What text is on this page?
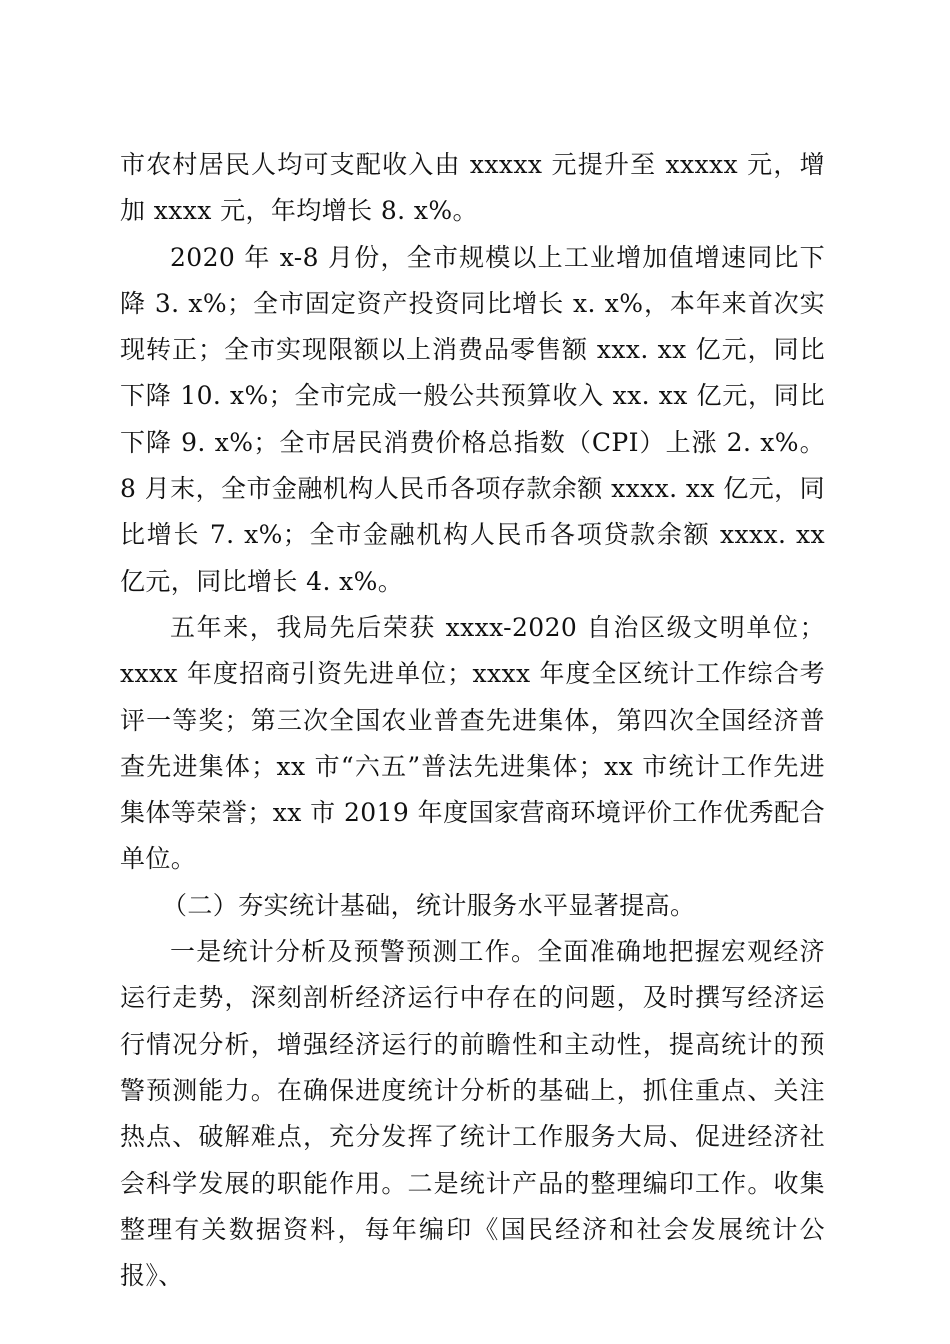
市农村居民人均可支配收入由 xxxxx 元提升至 xxxxx 元，增加 xxxx 元，年均增长 8. x%。

2020 年 x-8 月份，全市规模以上工业增加值增速同比下降 3. x%；全市固定资产投资同比增长 x. x%，本年来首次实现转正；全市实现限额以上消费品零售额 xxx. xx 亿元，同比下降 10. x%；全市完成一般公共预算收入 xx. xx 亿元，同比下降 9. x%；全市居民消费价格总指数（CPI）上涨 2. x%。8 月末，全市金融机构人民币各项存款余额 xxxx. xx 亿元，同比增长 7. x%；全市金融机构人民币各项贷款余额 xxxx. xx 亿元，同比增长 4. x%。

五年来，我局先后荣获 xxxx-2020 自治区级文明单位；xxxx 年度招商引资先进单位；xxxx 年度全区统计工作综合考评一等奖；第三次全国农业普查先进集体，第四次全国经济普查先进集体；xx 市“六五”普法先进集体；xx 市统计工作先进集体等荣誉；xx 市 2019 年度国家营商环境评价工作优秀配合单位。

（二）夯实统计基础，统计服务水平显著提高。

一是统计分析及预警预测工作。全面准确地把握宏观经济运行走势，深刻剖析经济运行中存在的问题，及时撰写经济运行情况分析，增强经济运行的前瞻性和主动性，提高统计的预警预测能力。在确保进度统计分析的基础上，抓住重点、关注热点、破解难点，充分发挥了统计工作服务大局、促进经济社会科学发展的职能作用。二是统计产品的整理编印工作。收集整理有关数据资料，每年编印《国民经济和社会发展统计公报》、
